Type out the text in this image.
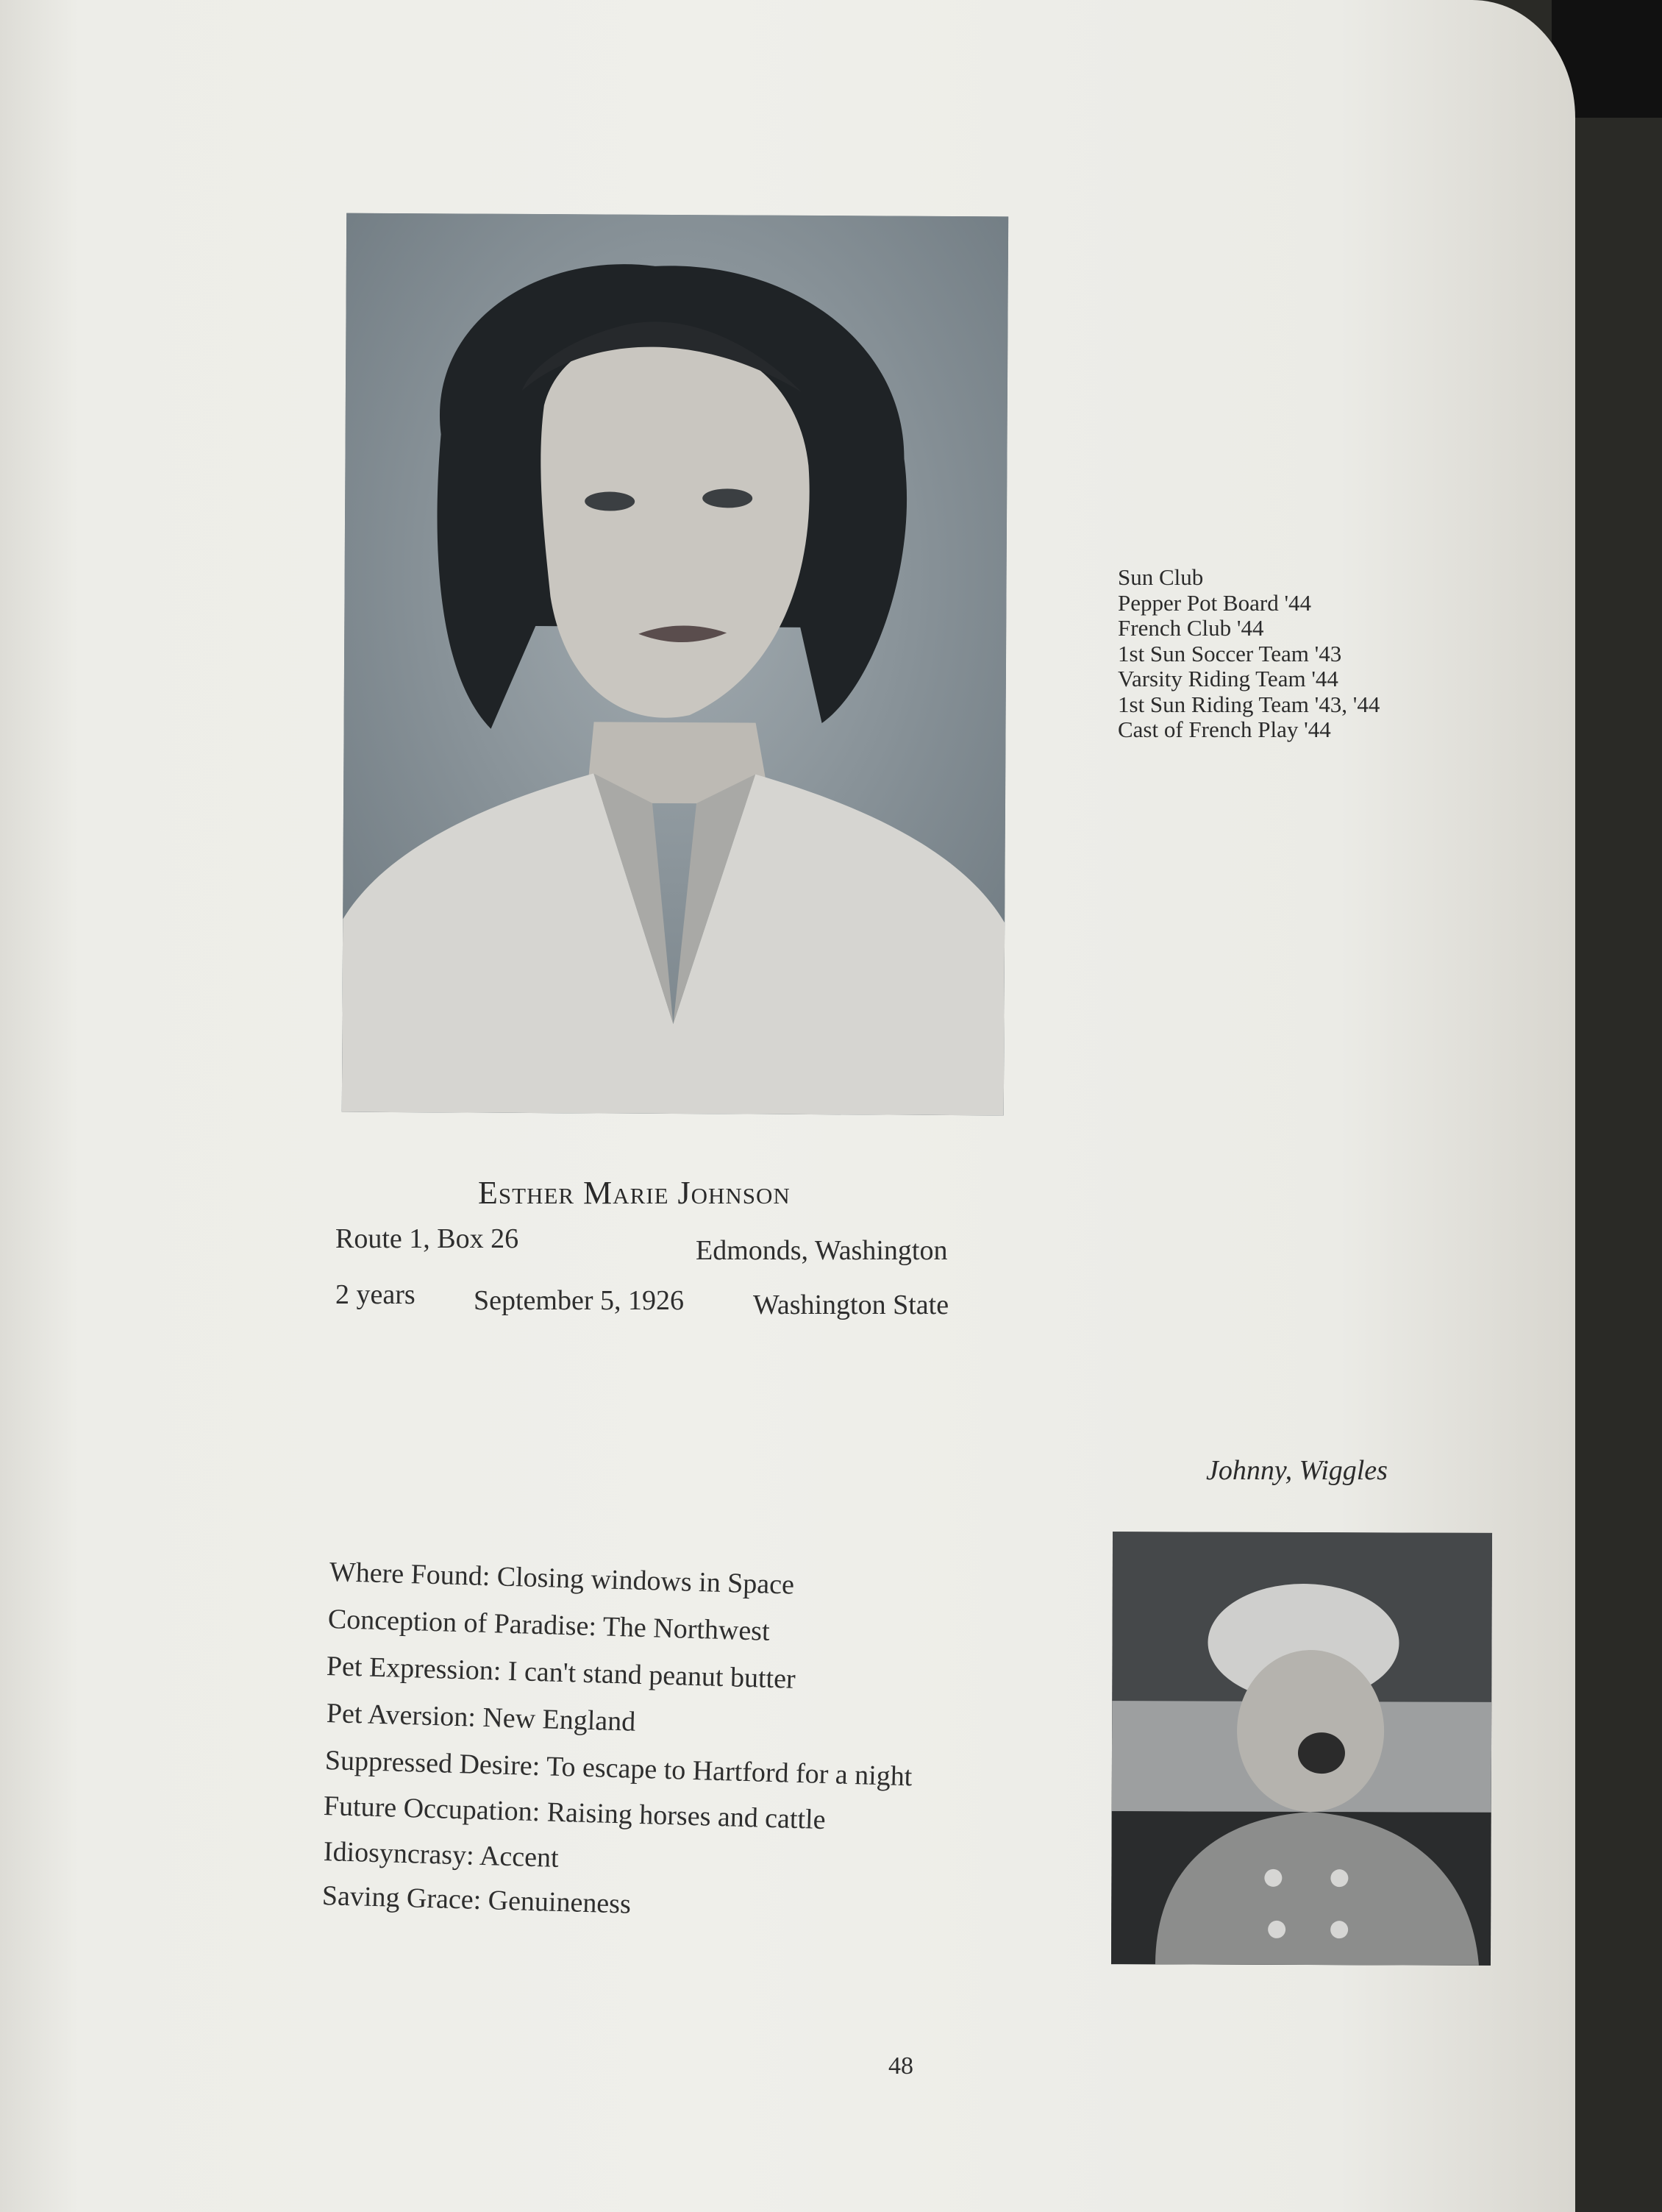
Sun Club
Pepper Pot Board '44
French Club '44
1st Sun Soccer Team '43
Varsity Riding Team '44
1st Sun Riding Team '43, '44
Cast of French Play '44
Esther Marie Johnson
Route 1, Box 26	Edmonds, Washington
2 years September 5, 1926 Washington State
Johnny, Wiggles
Where Found: Closing windows in Space
Conception of Paradise: The Northwest
Pet Expression: I can't stand peanut butter
Pet Aversion: New England
Suppressed Desire: To escape to Hartford for a night
Future Occupation: Raising horses and cattle
Idiosyncrasy: Accent
Saving Grace: Genuineness
48
